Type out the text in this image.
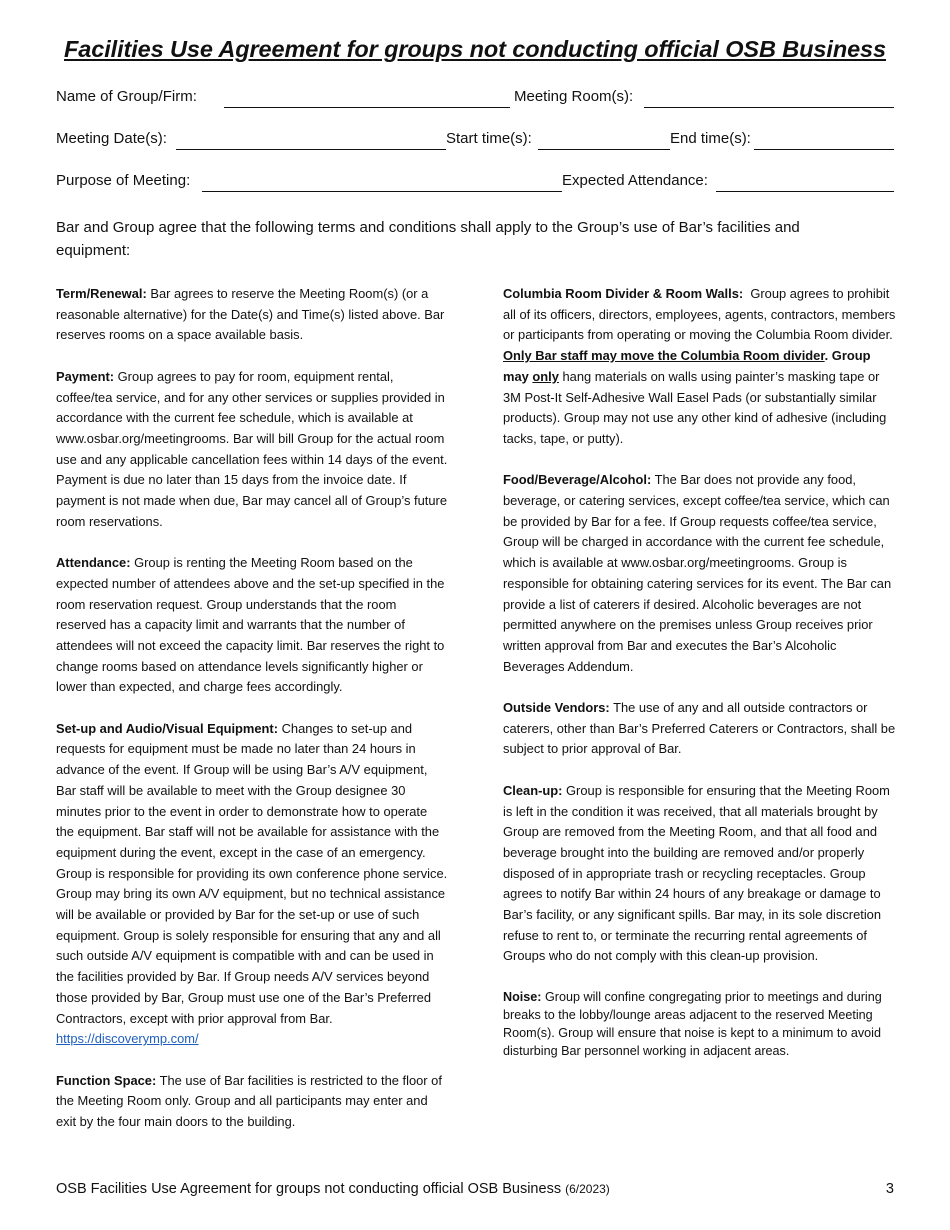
Facilities Use Agreement for groups not conducting official OSB Business
Name of Group/Firm:	Meeting Room(s):
Meeting Date(s):	Start time(s):	End time(s):
Purpose of Meeting:	Expected Attendance:
Bar and Group agree that the following terms and conditions shall apply to the Group’s use of Bar’s facilities and equipment:

Term/Renewal: Bar agrees to reserve the Meeting Room(s) (or a reasonable alternative) for the Date(s) and Time(s) listed above. Bar reserves rooms on a space available basis.

Payment: Group agrees to pay for room, equipment rental, coffee/tea service, and for any other services or supplies provided in accordance with the current fee schedule, which is available at www.osbar.org/meetingrooms. Bar will bill Group for the actual room use and any applicable cancellation fees within 14 days of the event. Payment is due no later than 15 days from the invoice date. If payment is not made when due, Bar may cancel all of Group’s future room reservations.

Attendance: Group is renting the Meeting Room based on the expected number of attendees above and the set-up specified in the room reservation request. Group understands that the room reserved has a capacity limit and warrants that the number of attendees will not exceed the capacity limit. Bar reserves the right to change rooms based on attendance levels significantly higher or lower than expected, and charge fees accordingly.

Set-up and Audio/Visual Equipment: Changes to set-up and requests for equipment must be made no later than 24 hours in advance of the event. If Group will be using Bar’s A/V equipment, Bar staff will be available to meet with the Group designee 30 minutes prior to the event in order to demonstrate how to operate the equipment. Bar staff will not be available for assistance with the equipment during the event, except in the case of an emergency. Group is responsible for providing its own conference phone service. Group may bring its own A/V equipment, but no technical assistance will be available or provided by Bar for the set-up or use of such equipment. Group is solely responsible for ensuring that any and all such outside A/V equipment is compatible with and can be used in the facilities provided by Bar. If Group needs A/V services beyond those provided by Bar, Group must use one of the Bar’s Preferred Contractors, except with prior approval from Bar.
https://discoverymp.com/

Function Space: The use of Bar facilities is restricted to the floor of the Meeting Room only. Group and all participants may enter and exit by the four main doors to the building.

Columbia Room Divider & Room Walls: Group agrees to prohibit all of its officers, directors, employees, agents, contractors, members or participants from operating or moving the Columbia Room divider. Only Bar staff may move the Columbia Room divider. Group may only hang materials on walls using painter’s masking tape or 3M Post-It Self-Adhesive Wall Easel Pads (or substantially similar products). Group may not use any other kind of adhesive (including tacks, tape, or putty).

Food/Beverage/Alcohol: The Bar does not provide any food, beverage, or catering services, except coffee/tea service, which can be provided by Bar for a fee. If Group requests coffee/tea service, Group will be charged in accordance with the current fee schedule, which is available at www.osbar.org/meetingrooms. Group is responsible for obtaining catering services for its event. The Bar can provide a list of caterers if desired. Alcoholic beverages are not permitted anywhere on the premises unless Group receives prior written approval from Bar and executes the Bar’s Alcoholic Beverages Addendum.

Outside Vendors: The use of any and all outside contractors or caterers, other than Bar’s Preferred Caterers or Contractors, shall be subject to prior approval of Bar.

Clean-up: Group is responsible for ensuring that the Meeting Room is left in the condition it was received, that all materials brought by Group are removed from the Meeting Room, and that all food and beverage brought into the building are removed and/or properly disposed of in appropriate trash or recycling receptacles. Group agrees to notify Bar within 24 hours of any breakage or damage to Bar’s facility, or any significant spills. Bar may, in its sole discretion refuse to rent to, or terminate the recurring rental agreements of Groups who do not comply with this clean-up provision.

Noise: Group will confine congregating prior to meetings and during breaks to the lobby/lounge areas adjacent to the reserved Meeting Room(s). Group will ensure that noise is kept to a minimum to avoid disturbing Bar personnel working in adjacent areas.

OSB Facilities Use Agreement for groups not conducting official OSB Business (6/2023)	3
